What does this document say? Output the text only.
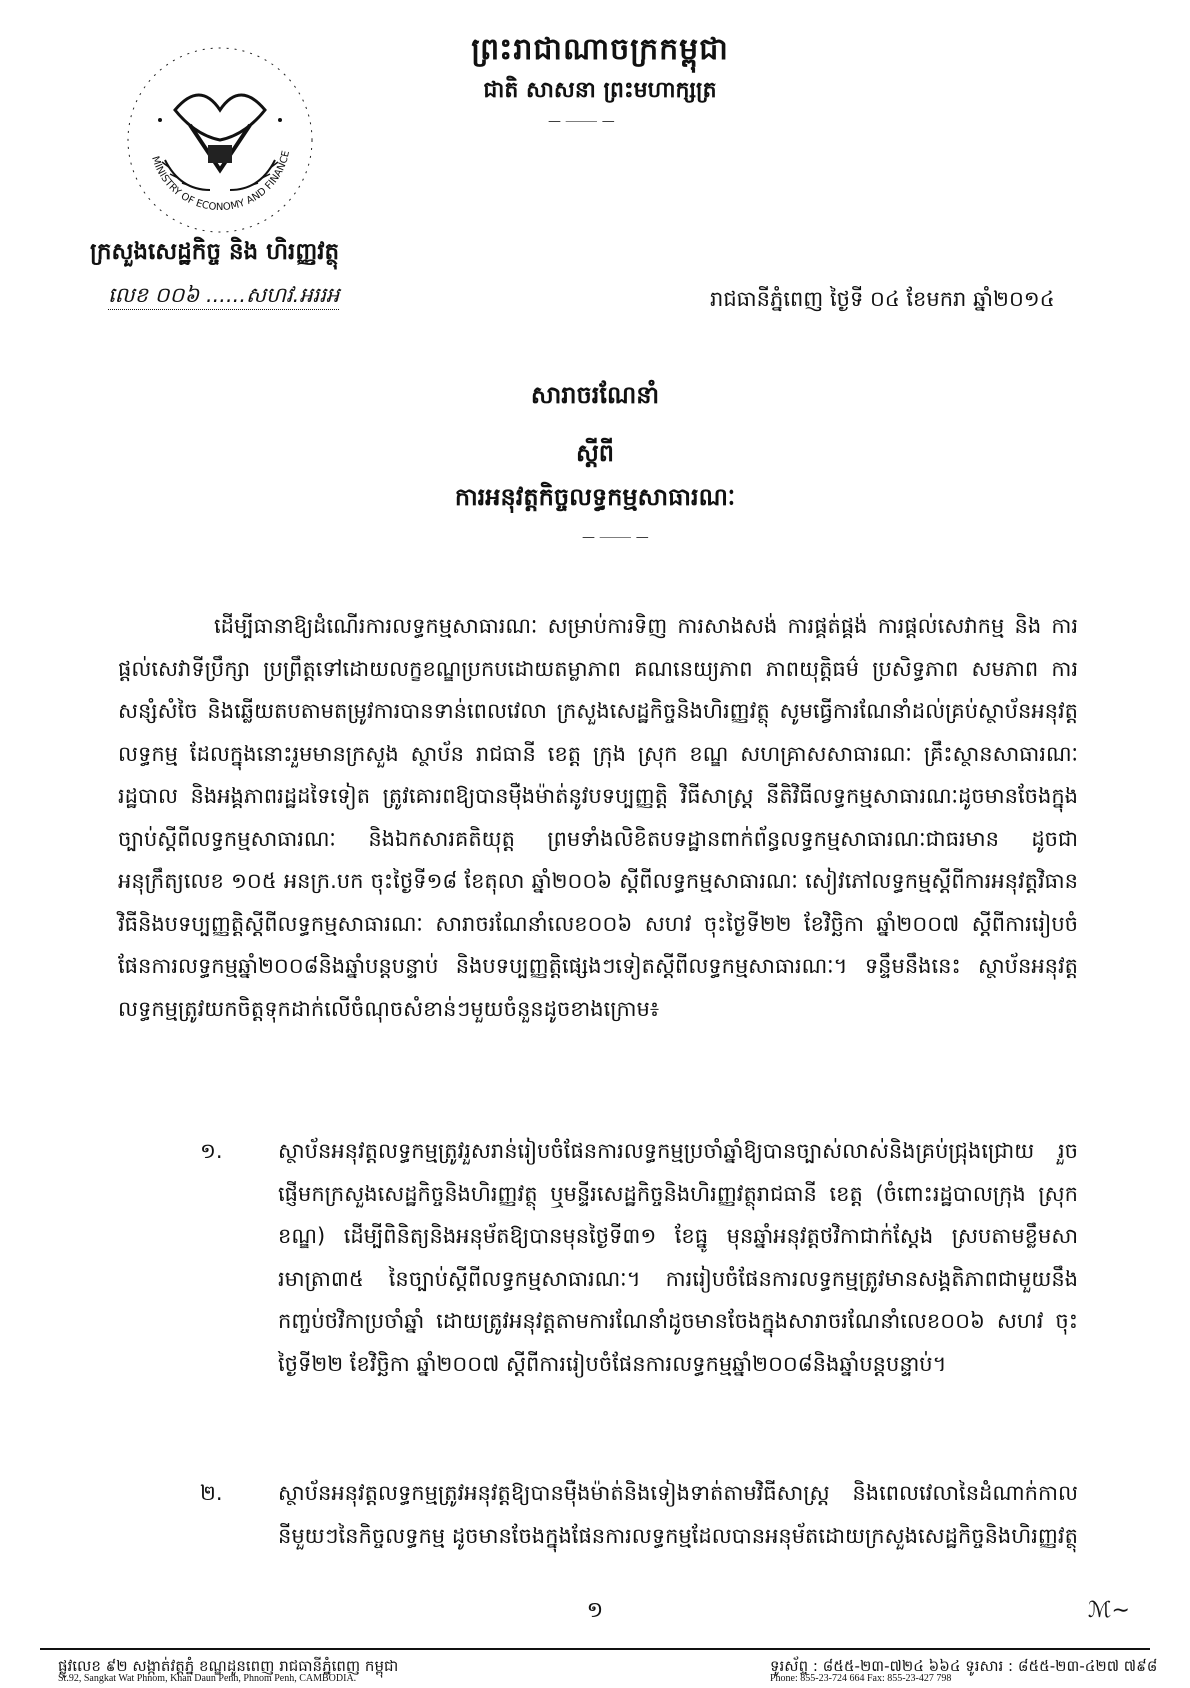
ព្រះរាជាណាចក្រកម្ពុជា
ជាតិ សាសនា ព្រះមហាក្សត្រ
— ⸻ —
MINISTRY OF ECONOMY AND FINANCE
ក្រសួងសេដ្ឋកិច្ច និង ហិរញ្ញវត្ថុ
លេខ ០០៦ ......សហវ.អររអ	រាជធានីភ្នំពេញ ថ្ងៃទី ០៤ ខែមករា ឆ្នាំ២០១៤
សារាចរណែនាំ
ស្តីពី
ការអនុវត្តកិច្ចលទ្ធកម្មសាធារណៈ
— ⸻ —
ដើម្បីធានាឱ្យដំណើរការលទ្ធកម្មសាធារណៈ សម្រាប់ការទិញ ការសាងសង់ ការផ្គត់ផ្គង់ ការផ្តល់សេវាកម្ម និង ការផ្តល់សេវាទីប្រឹក្សា ប្រព្រឹត្តទៅដោយលក្ខខណ្ឌប្រកបដោយតម្លាភាព គណនេយ្យភាព ភាពយុត្តិធម៌ ប្រសិទ្ធភាព សមភាព ការសន្សំសំចៃ និងឆ្លើយតបតាមតម្រូវការបានទាន់ពេលវេលា ក្រសួងសេដ្ឋកិច្ចនិងហិរញ្ញវត្ថុ សូមធ្វើការណែនាំដល់គ្រប់ស្ថាប័នអនុវត្តលទ្ធកម្ម ដែលក្នុងនោះរួមមានក្រសួង ស្ថាប័ន រាជធានី ខេត្ត ក្រុង ស្រុក ខណ្ឌ សហគ្រាសសាធារណៈ គ្រឹះស្ថានសាធារណៈរដ្ឋបាល និងអង្គភាពរដ្ឋដទៃទៀត ត្រូវគោរពឱ្យបានម៉ឺងម៉ាត់នូវបទប្បញ្ញត្តិ វិធីសាស្ត្រ នីតិវិធីលទ្ធកម្មសាធារណៈដូចមានចែងក្នុងច្បាប់ស្តីពីលទ្ធកម្មសាធារណៈ និងឯកសារគតិយុត្ត ព្រមទាំងលិខិតបទដ្ឋានពាក់ព័ន្ធលទ្ធកម្មសាធារណៈជាធរមាន ដូចជាអនុក្រឹត្យលេខ ១០៥ អនក្រ.បក ចុះថ្ងៃទី១៨ ខែតុលា ឆ្នាំ២០០៦ ស្តីពីលទ្ធកម្មសាធារណៈ សៀវភៅលទ្ធកម្មស្តីពីការអនុវត្តវិធានវិធីនិងបទប្បញ្ញត្តិស្តីពីលទ្ធកម្មសាធារណៈ សារាចរណែនាំលេខ០០៦ សហវ ចុះថ្ងៃទី២២ ខែវិច្ឆិកា ឆ្នាំ២០០៧ ស្តីពីការរៀបចំផែនការលទ្ធកម្មឆ្នាំ២០០៨និងឆ្នាំបន្តបន្ទាប់ និងបទប្បញ្ញត្តិផ្សេងៗទៀតស្តីពីលទ្ធកម្មសាធារណៈ។ ទន្ទឹមនឹងនេះ ស្ថាប័នអនុវត្តលទ្ធកម្មត្រូវយកចិត្តទុកដាក់លើចំណុចសំខាន់ៗមួយចំនួនដូចខាងក្រោម៖
១.	ស្ថាប័នអនុវត្តលទ្ធកម្មត្រូវរួសរាន់រៀបចំផែនការលទ្ធកម្មប្រចាំឆ្នាំឱ្យបានច្បាស់លាស់និងគ្រប់ជ្រុងជ្រោយ រួចផ្ញើមកក្រសួងសេដ្ឋកិច្ចនិងហិរញ្ញវត្ថុ ឬមន្ទីរសេដ្ឋកិច្ចនិងហិរញ្ញវត្ថុរាជធានី ខេត្ត (ចំពោះរដ្ឋបាលក្រុង ស្រុក ខណ្ឌ) ដើម្បីពិនិត្យនិងអនុម័តឱ្យបានមុនថ្ងៃទី៣១ ខែធ្នូ មុនឆ្នាំអនុវត្តថវិកាជាក់ស្តែង ស្របតាមខ្លឹមសារមាត្រា៣៥ នៃច្បាប់ស្តីពីលទ្ធកម្មសាធារណៈ។ ការរៀបចំផែនការលទ្ធកម្មត្រូវមានសង្គតិភាពជាមួយនឹងកញ្ចប់ថវិកាប្រចាំឆ្នាំ ដោយត្រូវអនុវត្តតាមការណែនាំដូចមានចែងក្នុងសារាចរណែនាំលេខ០០៦ សហវ ចុះថ្ងៃទី២២ ខែវិច្ឆិកា ឆ្នាំ២០០៧ ស្តីពីការរៀបចំផែនការលទ្ធកម្មឆ្នាំ២០០៨និងឆ្នាំបន្តបន្ទាប់។
២.	ស្ថាប័នអនុវត្តលទ្ធកម្មត្រូវអនុវត្តឱ្យបានម៉ឺងម៉ាត់និងទៀងទាត់តាមវិធីសាស្ត្រ និងពេលវេលានៃដំណាក់កាលនីមួយៗនៃកិច្ចលទ្ធកម្ម ដូចមានចែងក្នុងផែនការលទ្ធកម្មដែលបានអនុម័តដោយក្រសួងសេដ្ឋកិច្ចនិងហិរញ្ញវត្ថុ
១	ℳ∼
ផ្លូវលេខ ៩២ សង្កាត់វត្តភ្នំ ខណ្ឌដូនពេញ រាជធានីភ្នំពេញ កម្ពុជា
St.92, Sangkat Wat Phnom, Khan Daun Penh, Phnom Penh, CAMBODIA.
ទូរស័ព្ទ : ៨៥៥-២៣-៧២៤ ៦៦៤ ទូរសារ : ៨៥៥-២៣-៤២៧ ៧៩៨
Phone: 855-23-724 664 Fax: 855-23-427 798
